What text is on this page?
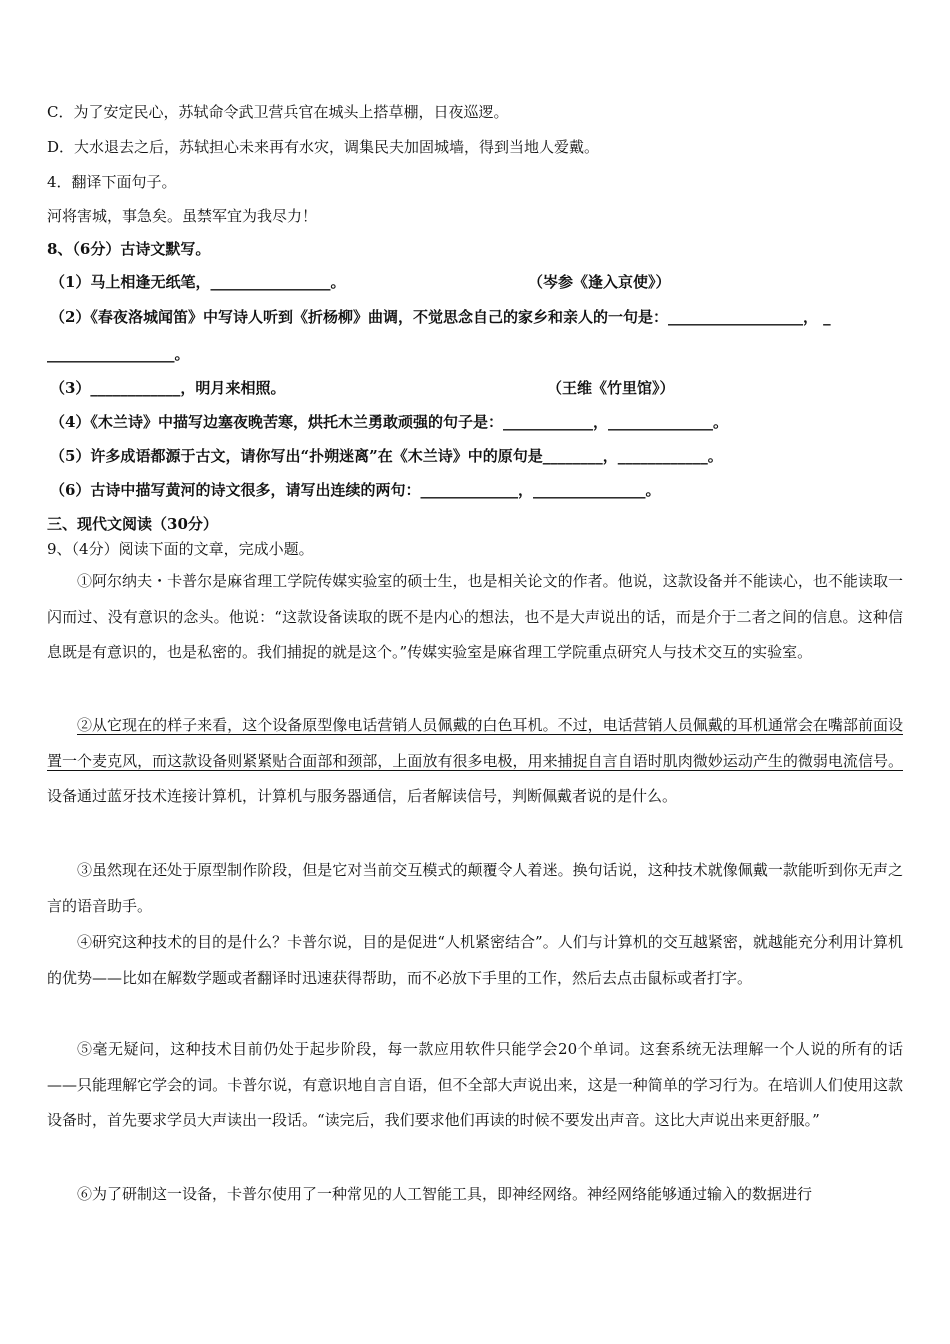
C．为了安定民心，苏轼命令武卫营兵官在城头上搭草棚，日夜巡逻。
D．大水退去之后，苏轼担心未来再有水灾，调集民夫加固城墙，得到当地人爱戴。
4．翻译下面句子。
河将害城，事急矣。虽禁军宜为我尽力！
8、（6分）古诗文默写。
（1）马上相逢无纸笔，________________。	（岑参《逢入京使》）
（2）《春夜洛城闻笛》中写诗人听到《折杨柳》曲调，不觉思念自己的家乡和亲人的一句是：__________________， _
_________________。
（3）____________，明月来相照。	（王维《竹里馆》）
（4）《木兰诗》中描写边塞夜晚苦寒，烘托木兰勇敢顽强的句子是：____________，______________。
（5）许多成语都源于古文，请你写出“扑朔迷离”在《木兰诗》中的原句是________，____________。
（6）古诗中描写黄河的诗文很多，请写出连续的两句：_____________，_______________。
三、现代文阅读（30分）
9、（4分）阅读下面的文章，完成小题。
①阿尔纳夫・卡普尔是麻省理工学院传媒实验室的硕士生，也是相关论文的作者。他说，这款设备并不能读心，也不能读取一闪而过、没有意识的念头。他说：“这款设备读取的既不是内心的想法，也不是大声说出的话，而是介于二者之间的信息。这种信息既是有意识的，也是私密的。我们捕捉的就是这个。”传媒实验室是麻省理工学院重点研究人与技术交互的实验室。
②从它现在的样子来看，这个设备原型像电话营销人员佩戴的白色耳机。不过，电话营销人员佩戴的耳机通常会在嘴部前面设置一个麦克风，而这款设备则紧紧贴合面部和颈部，上面放有很多电极，用来捕捉自言自语时肌肉微妙运动产生的微弱电流信号。设备通过蓝牙技术连接计算机，计算机与服务器通信，后者解读信号，判断佩戴者说的是什么。
③虽然现在还处于原型制作阶段，但是它对当前交互模式的颠覆令人着迷。换句话说，这种技术就像佩戴一款能听到你无声之言的语音助手。
④研究这种技术的目的是什么？卡普尔说，目的是促进“人机紧密结合”。人们与计算机的交互越紧密，就越能充分利用计算机的优势——比如在解数学题或者翻译时迅速获得帮助，而不必放下手里的工作，然后去点击鼠标或者打字。
⑤毫无疑问，这种技术目前仍处于起步阶段，每一款应用软件只能学会20个单词。这套系统无法理解一个人说的所有的话——只能理解它学会的词。卡普尔说，有意识地自言自语，但不全部大声说出来，这是一种简单的学习行为。在培训人们使用这款设备时，首先要求学员大声读出一段话。“读完后，我们要求他们再读的时候不要发出声音。这比大声说出来更舒服。”
⑥为了研制这一设备，卡普尔使用了一种常见的人工智能工具，即神经网络。神经网络能够通过输入的数据进行
